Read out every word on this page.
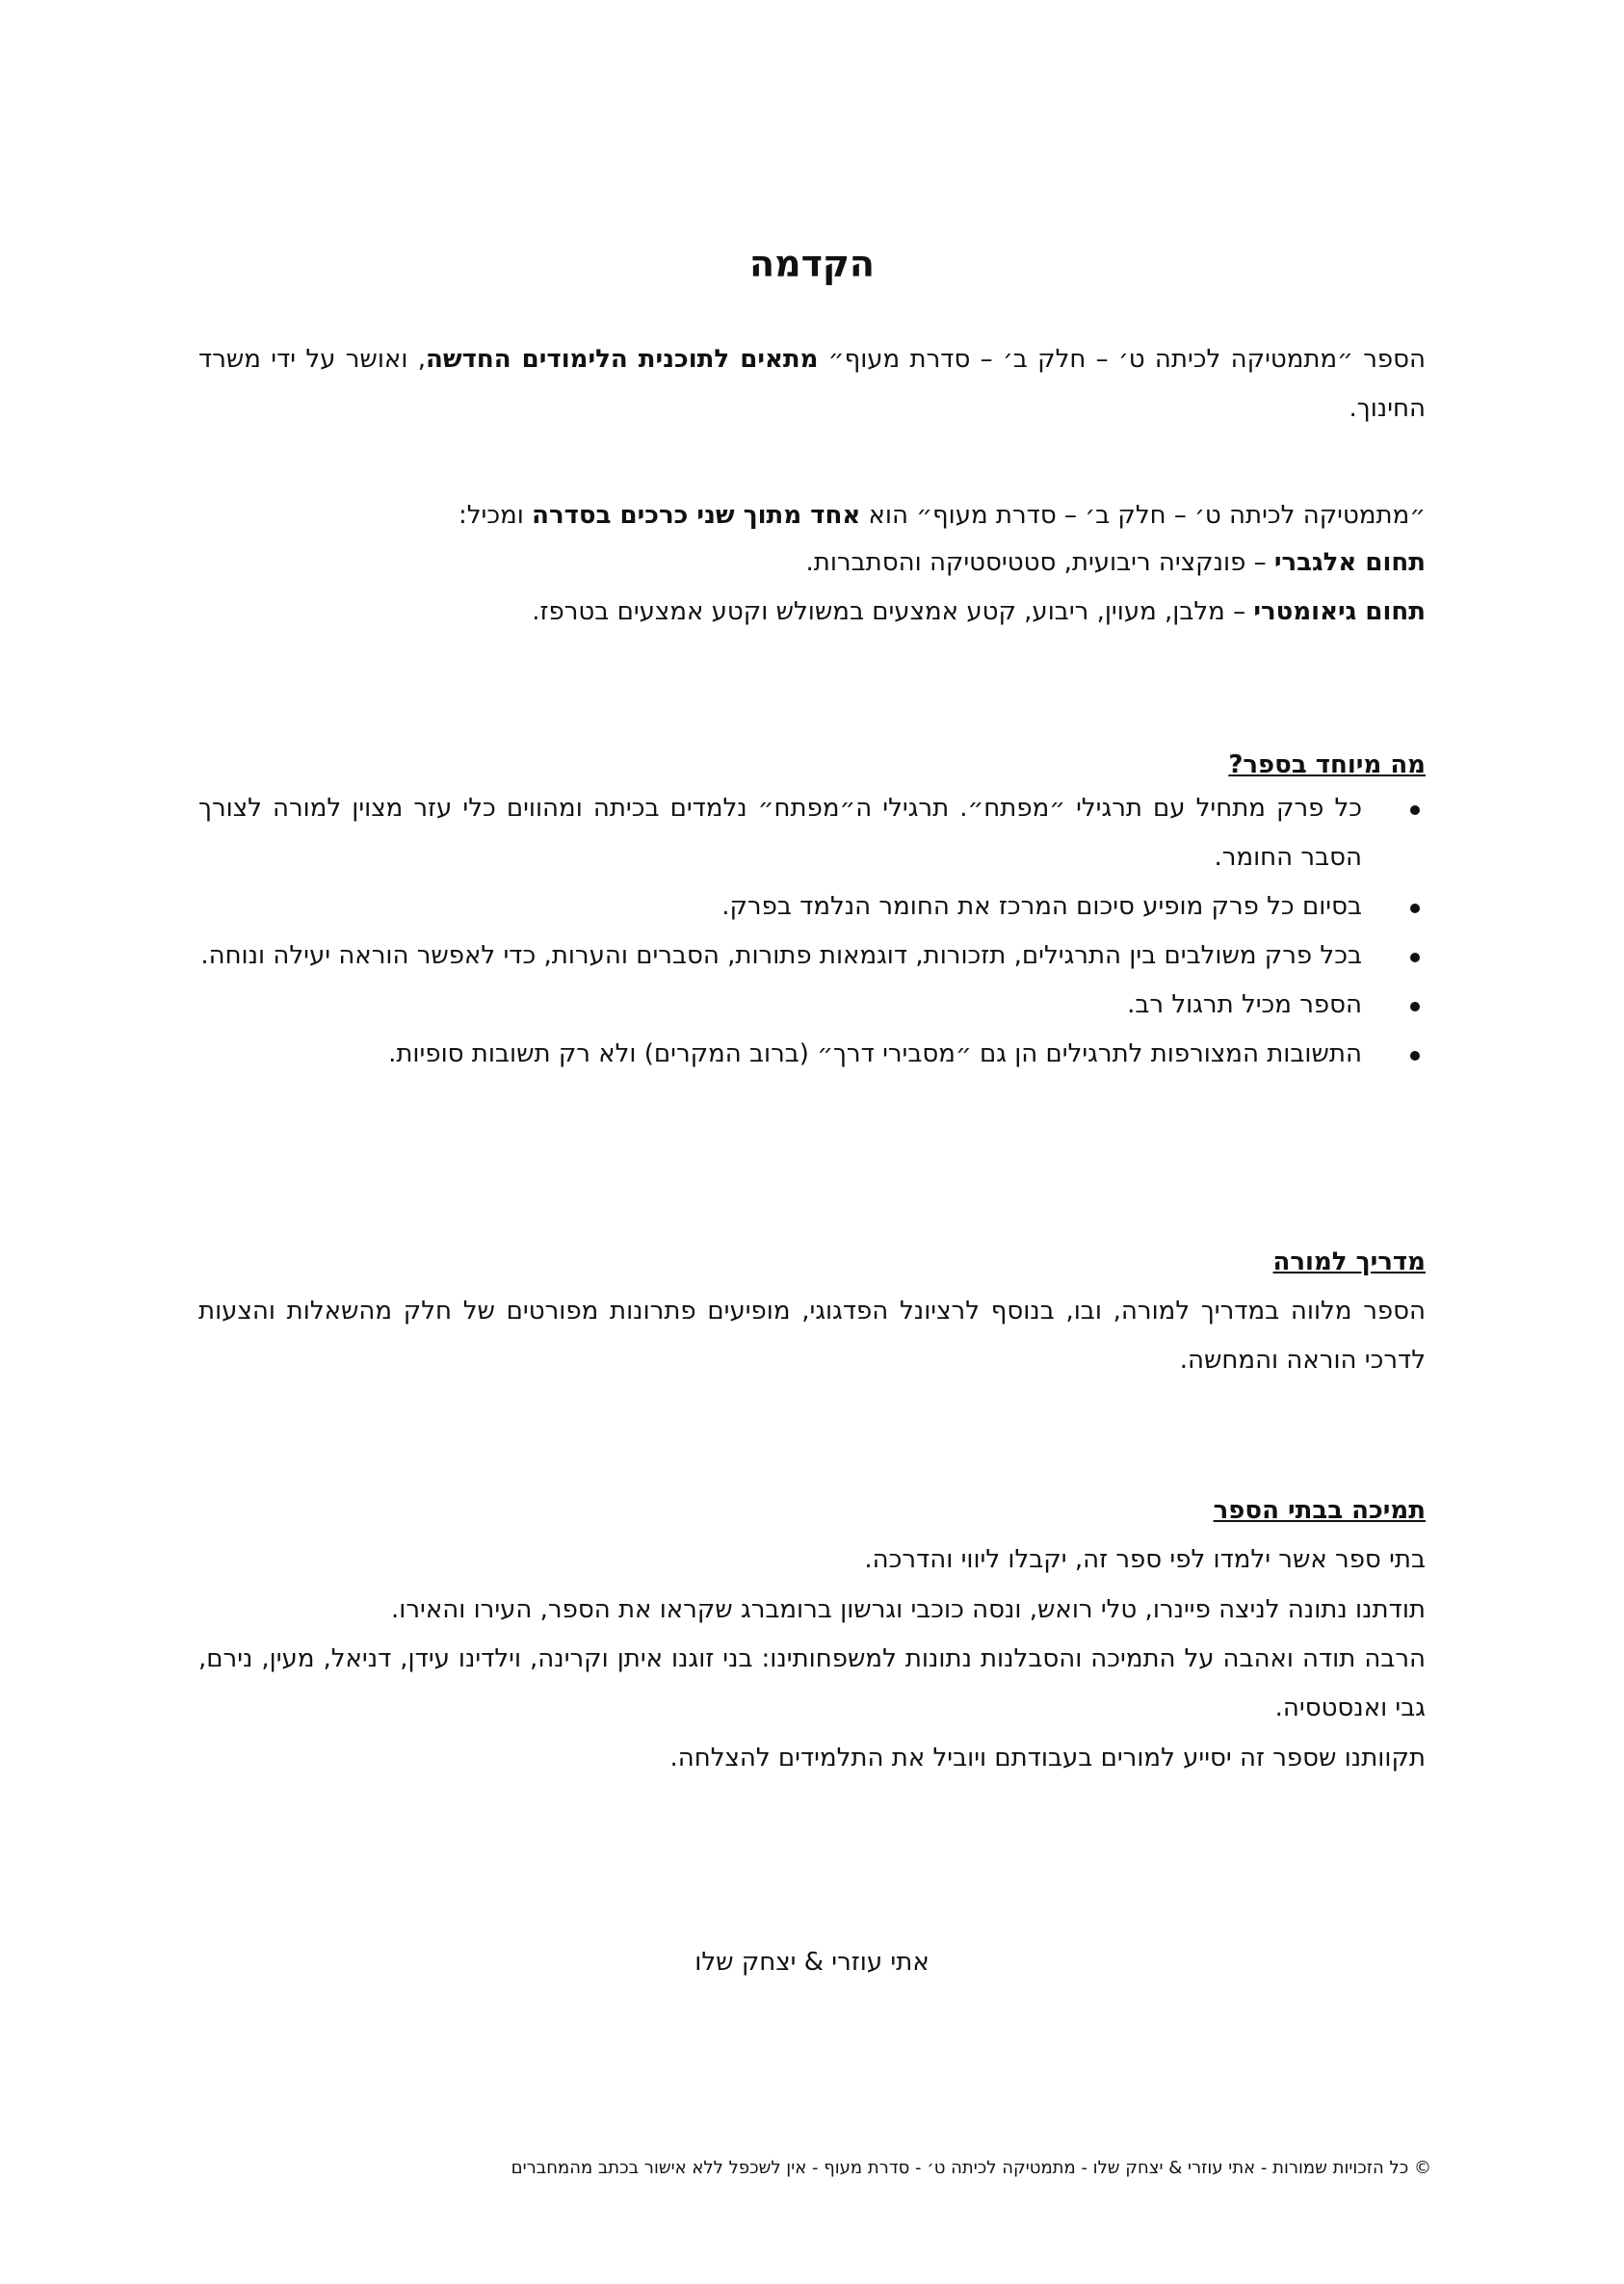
הקדמה

הספר ״מתמטיקה לכיתה ט׳ – חלק ב׳ – סדרת מעוף״ מתאים לתוכנית הלימודים החדשה, ואושר על ידי משרד החינוך.

״מתמטיקה לכיתה ט׳ – חלק ב׳ – סדרת מעוף״ הוא אחד מתוך שני כרכים בסדרה ומכיל:

תחום אלגברי – פונקציה ריבועית, סטטיסטיקה והסתברות.

תחום גיאומטרי – מלבן, מעוין, ריבוע, קטע אמצעים במשולש וקטע אמצעים בטרפז.

מה מיוחד בספר?
כל פרק מתחיל עם תרגילי ״מפתח״. תרגילי ה״מפתח״ נלמדים בכיתה ומהווים כלי עזר מצוין למורה לצורך הסבר החומר.
בסיום כל פרק מופיע סיכום המרכז את החומר הנלמד בפרק.
בכל פרק משולבים בין התרגילים, תזכורות, דוגמאות פתורות, הסברים והערות, כדי לאפשר הוראה יעילה ונוחה.
הספר מכיל תרגול רב.
התשובות המצורפות לתרגילים הן גם ״מסבירי דרך״ (ברוב המקרים) ולא רק תשובות סופיות.
מדריך למורה

הספר מלווה במדריך למורה, ובו, בנוסף לרציונל הפדגוגי, מופיעים פתרונות מפורטים של חלק מהשאלות והצעות לדרכי הוראה והמחשה.

תמיכה בבתי הספר

בתי ספר אשר ילמדו לפי ספר זה, יקבלו ליווי והדרכה.

תודתנו נתונה לניצה פיינרו, טלי רואש, ונסה כוכבי וגרשון ברומברג שקראו את הספר, העירו והאירו.

הרבה תודה ואהבה על התמיכה והסבלנות נתונות למשפחותינו: בני זוגנו איתן וקרינה, וילדינו עידן, דניאל, מעין, נירם, גבי ואנסטסיה.

תקוותנו שספר זה יסייע למורים בעבודתם ויוביל את התלמידים להצלחה.

אתי עוזרי & יצחק שלו

© כל הזכויות שמורות - אתי עוזרי & יצחק שלו - מתמטיקה לכיתה ט׳ - סדרת מעוף - אין לשכפל ללא אישור בכתב מהמחברים
